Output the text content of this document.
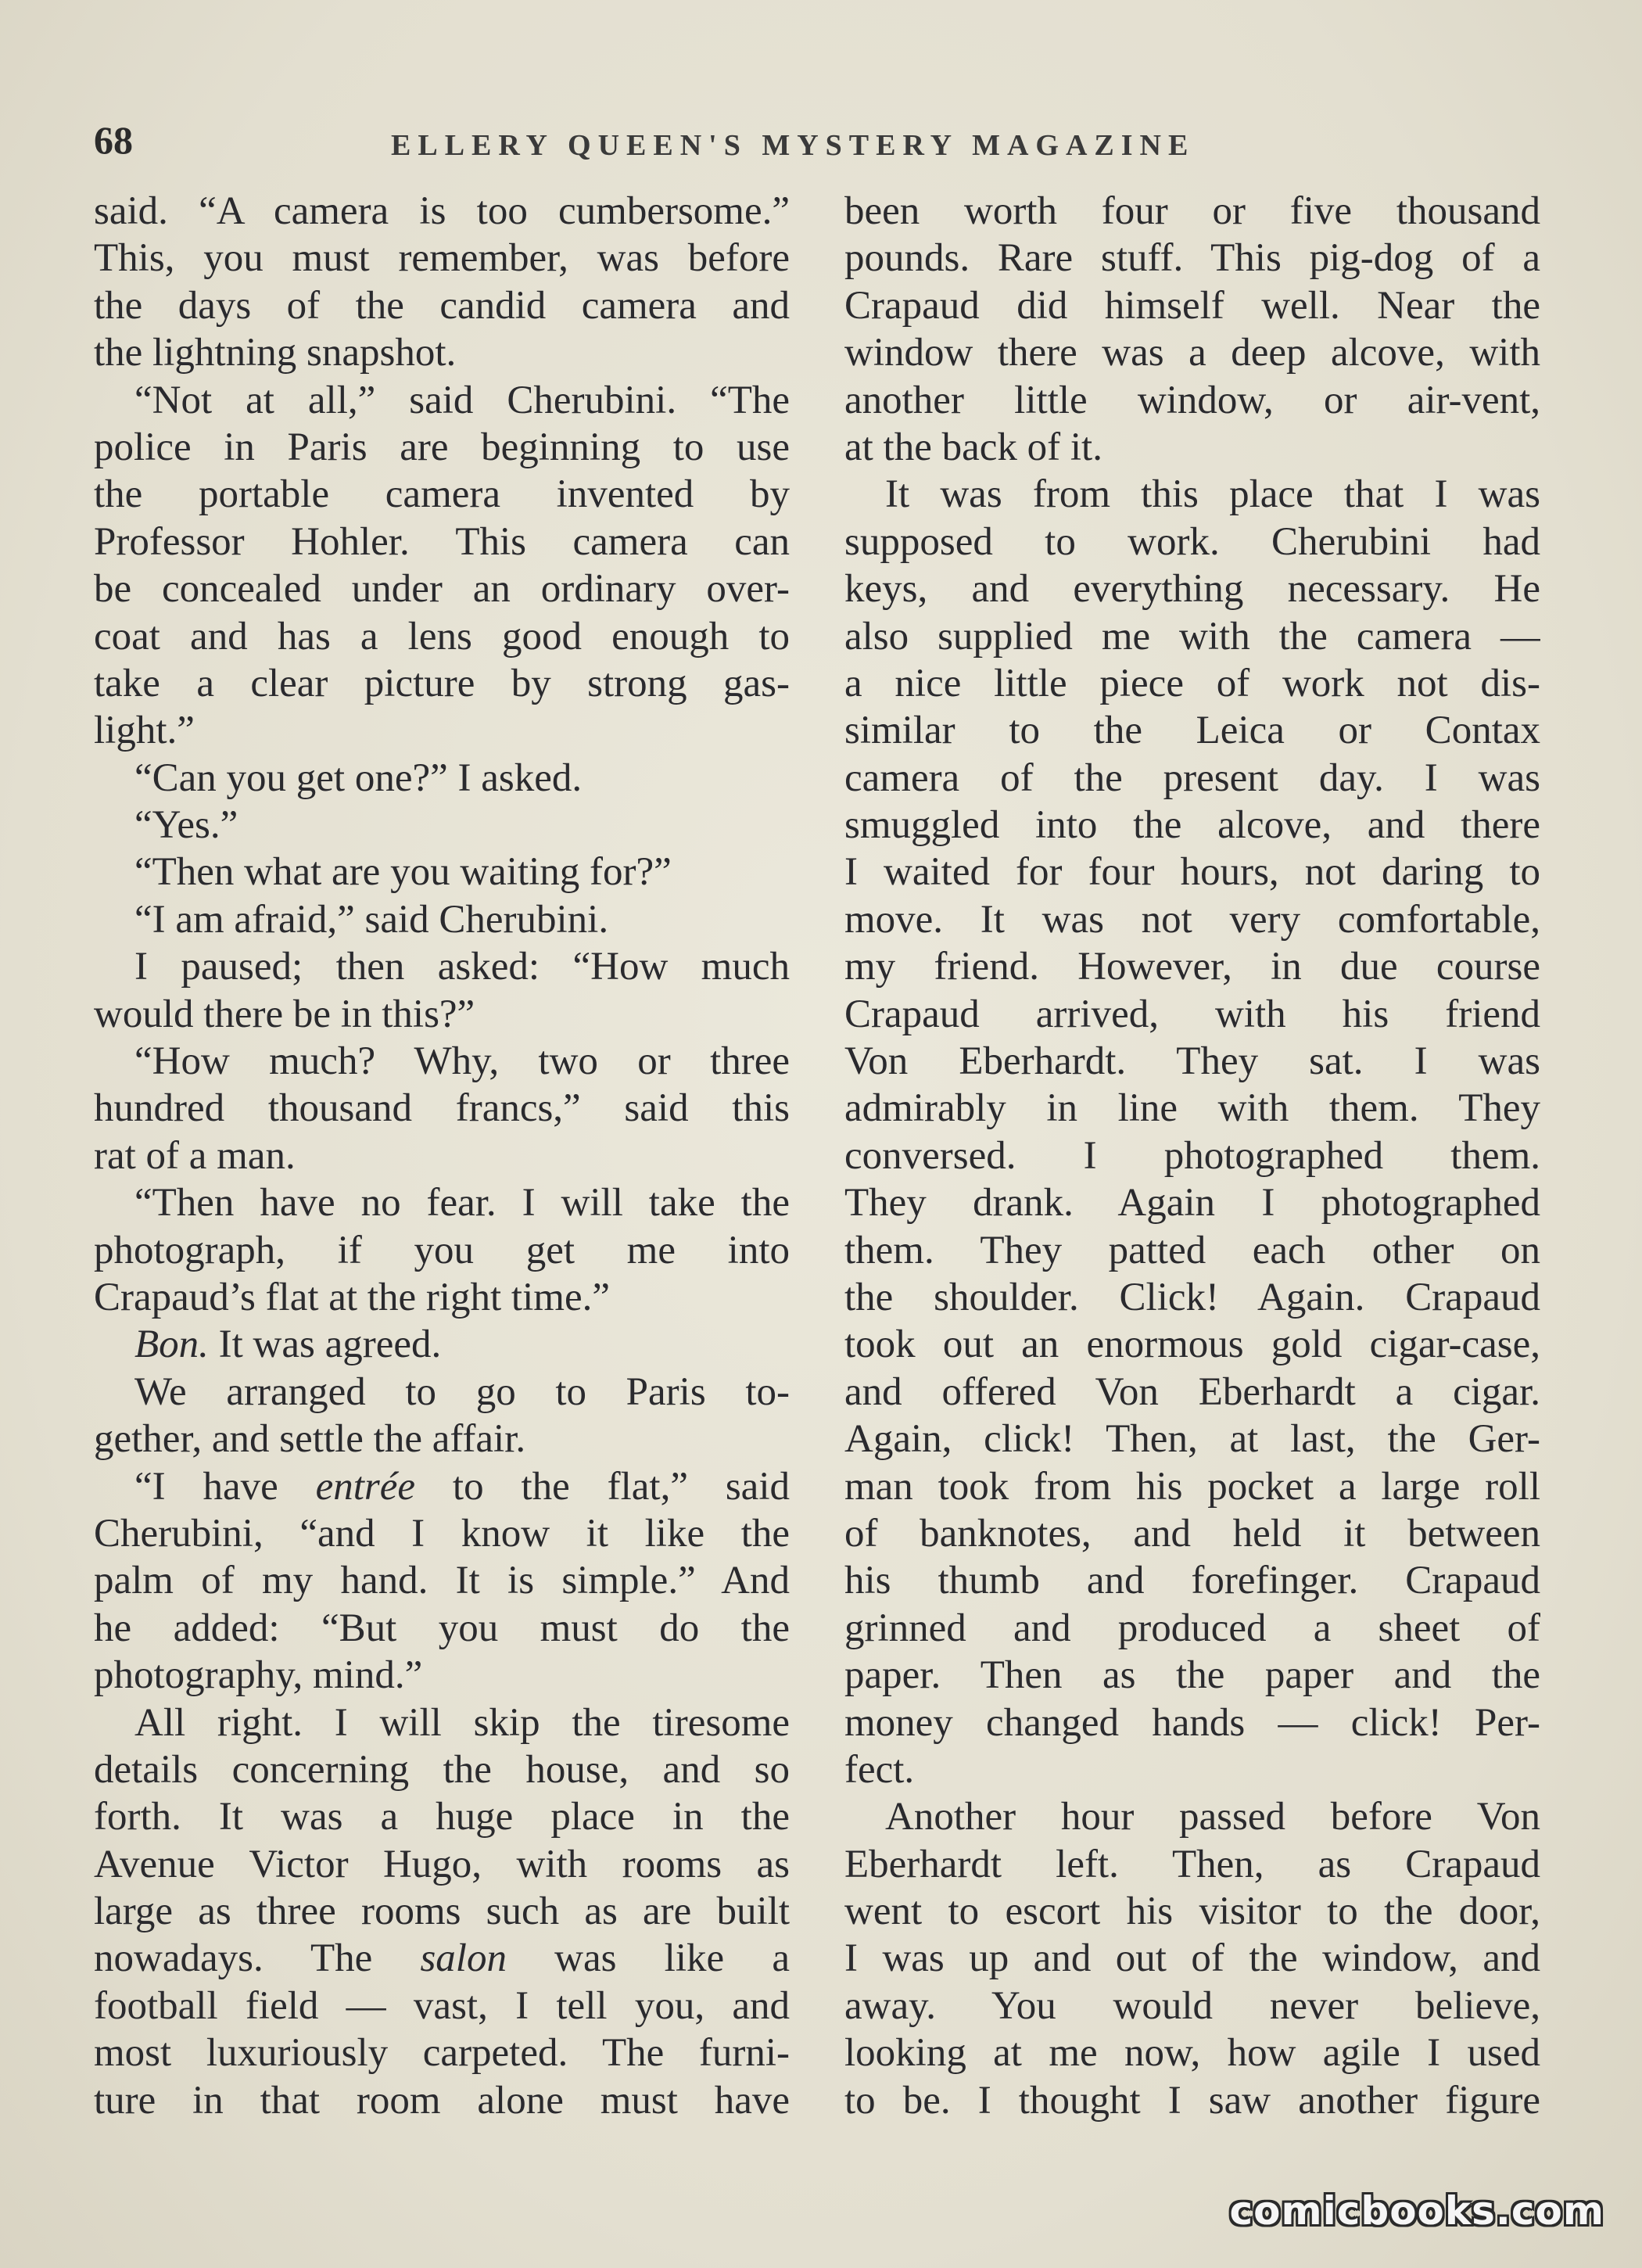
68	ELLERY QUEEN'S MYSTERY MAGAZINE
said. “A camera is too cumbersome.”
This, you must remember, was before
the days of the candid camera and
the lightning snapshot.
“Not at all,” said Cherubini. “The
police in Paris are beginning to use
the portable camera invented by
Professor Hohler. This camera can
be concealed under an ordinary over-
coat and has a lens good enough to
take a clear picture by strong gas-
light.”
“Can you get one?” I asked.
“Yes.”
“Then what are you waiting for?”
“I am afraid,” said Cherubini.
I paused; then asked: “How much
would there be in this?”
“How much? Why, two or three
hundred thousand francs,” said this
rat of a man.
“Then have no fear. I will take the
photograph, if you get me into
Crapaud’s flat at the right time.”
Bon. It was agreed.
We arranged to go to Paris to-
gether, and settle the affair.
“I have entrée to the flat,” said
Cherubini, “and I know it like the
palm of my hand. It is simple.” And
he added: “But you must do the
photography, mind.”
All right. I will skip the tiresome
details concerning the house, and so
forth. It was a huge place in the
Avenue Victor Hugo, with rooms as
large as three rooms such as are built
nowadays. The salon was like a
football field — vast, I tell you, and
most luxuriously carpeted. The furni-
ture in that room alone must have
been worth four or five thousand
pounds. Rare stuff. This pig-dog of a
Crapaud did himself well. Near the
window there was a deep alcove, with
another little window, or air-vent,
at the back of it.
It was from this place that I was
supposed to work. Cherubini had
keys, and everything necessary. He
also supplied me with the camera —
a nice little piece of work not dis-
similar to the Leica or Contax
camera of the present day. I was
smuggled into the alcove, and there
I waited for four hours, not daring to
move. It was not very comfortable,
my friend. However, in due course
Crapaud arrived, with his friend
Von Eberhardt. They sat. I was
admirably in line with them. They
conversed. I photographed them.
They drank. Again I photographed
them. They patted each other on
the shoulder. Click! Again. Crapaud
took out an enormous gold cigar-case,
and offered Von Eberhardt a cigar.
Again, click! Then, at last, the Ger-
man took from his pocket a large roll
of banknotes, and held it between
his thumb and forefinger. Crapaud
grinned and produced a sheet of
paper. Then as the paper and the
money changed hands — click! Per-
fect.
Another hour passed before Von
Eberhardt left. Then, as Crapaud
went to escort his visitor to the door,
I was up and out of the window, and
away. You would never believe,
looking at me now, how agile I used
to be. I thought I saw another figure
comicbooks.com
